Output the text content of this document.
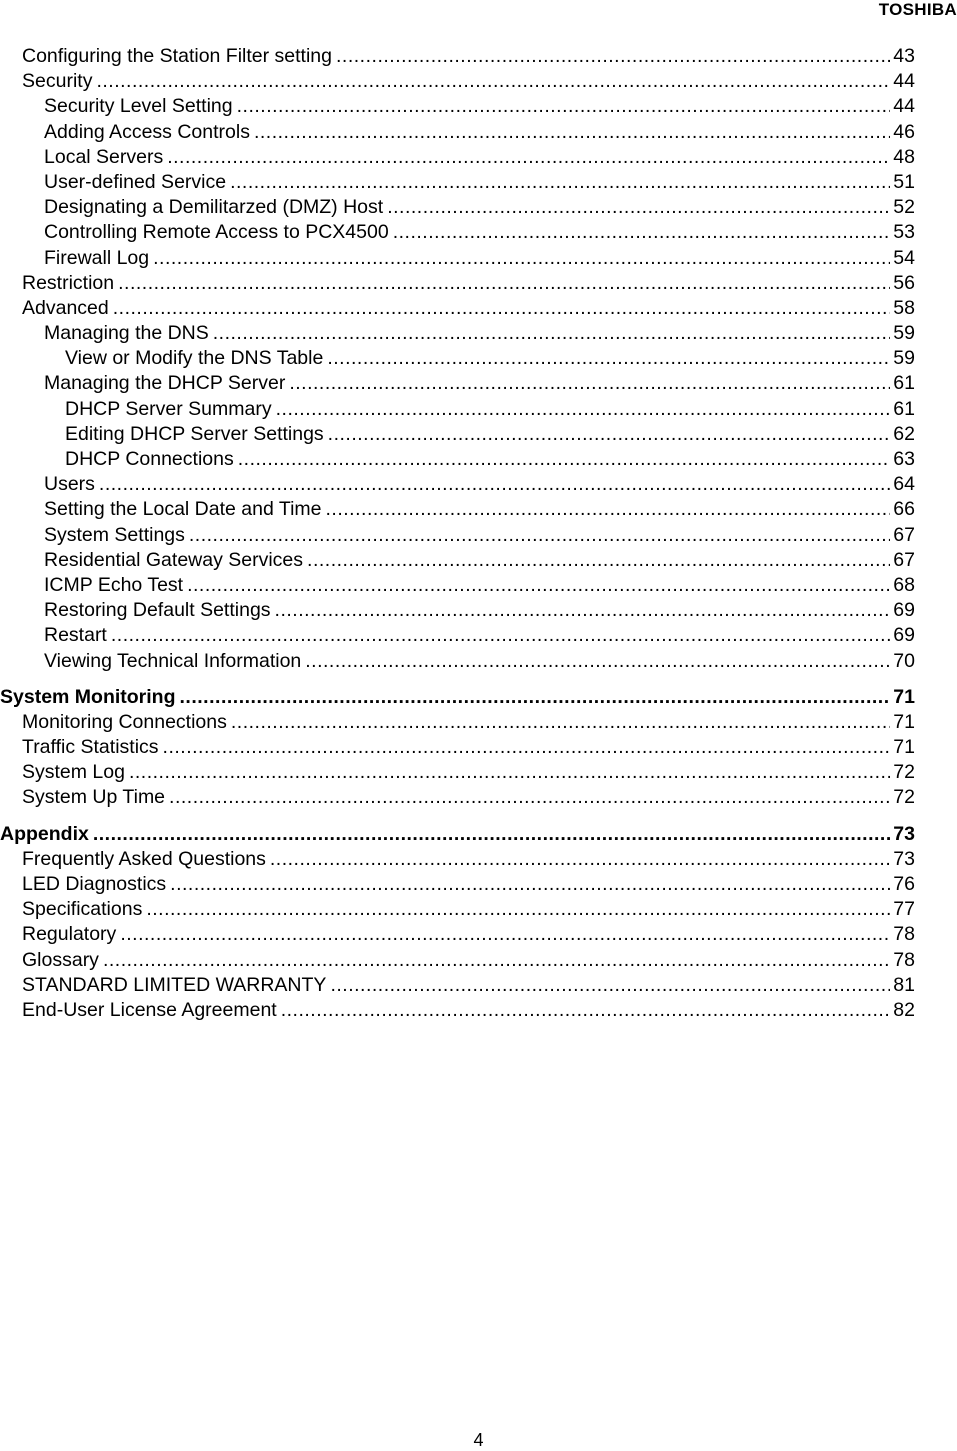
TOSHIBA
Configuring the Station Filter setting .....	43
Security .....	44
Security Level Setting .....	44
Adding Access Controls .....	46
Local Servers .....	48
User-defined Service .....	51
Designating a Demilitarzed (DMZ) Host .....	52
Controlling Remote Access to PCX4500 .....	53
Firewall Log .....	54
Restriction .....	56
Advanced .....	58
Managing the DNS .....	59
View or Modify the DNS Table .....	59
Managing the DHCP Server .....	61
DHCP Server Summary .....	61
Editing DHCP Server Settings .....	62
DHCP Connections .....	63
Users .....	64
Setting the Local Date and Time .....	66
System Settings .....	67
Residential Gateway Services .....	67
ICMP Echo Test .....	68
Restoring Default Settings .....	69
Restart .....	69
Viewing Technical Information .....	70
System Monitoring .....	71
Monitoring Connections .....	71
Traffic Statistics .....	71
System Log .....	72
System Up Time .....	72
Appendix .....	73
Frequently Asked Questions .....	73
LED Diagnostics .....	76
Specifications .....	77
Regulatory .....	78
Glossary .....	78
STANDARD LIMITED WARRANTY .....	81
End-User License Agreement .....	82
4
